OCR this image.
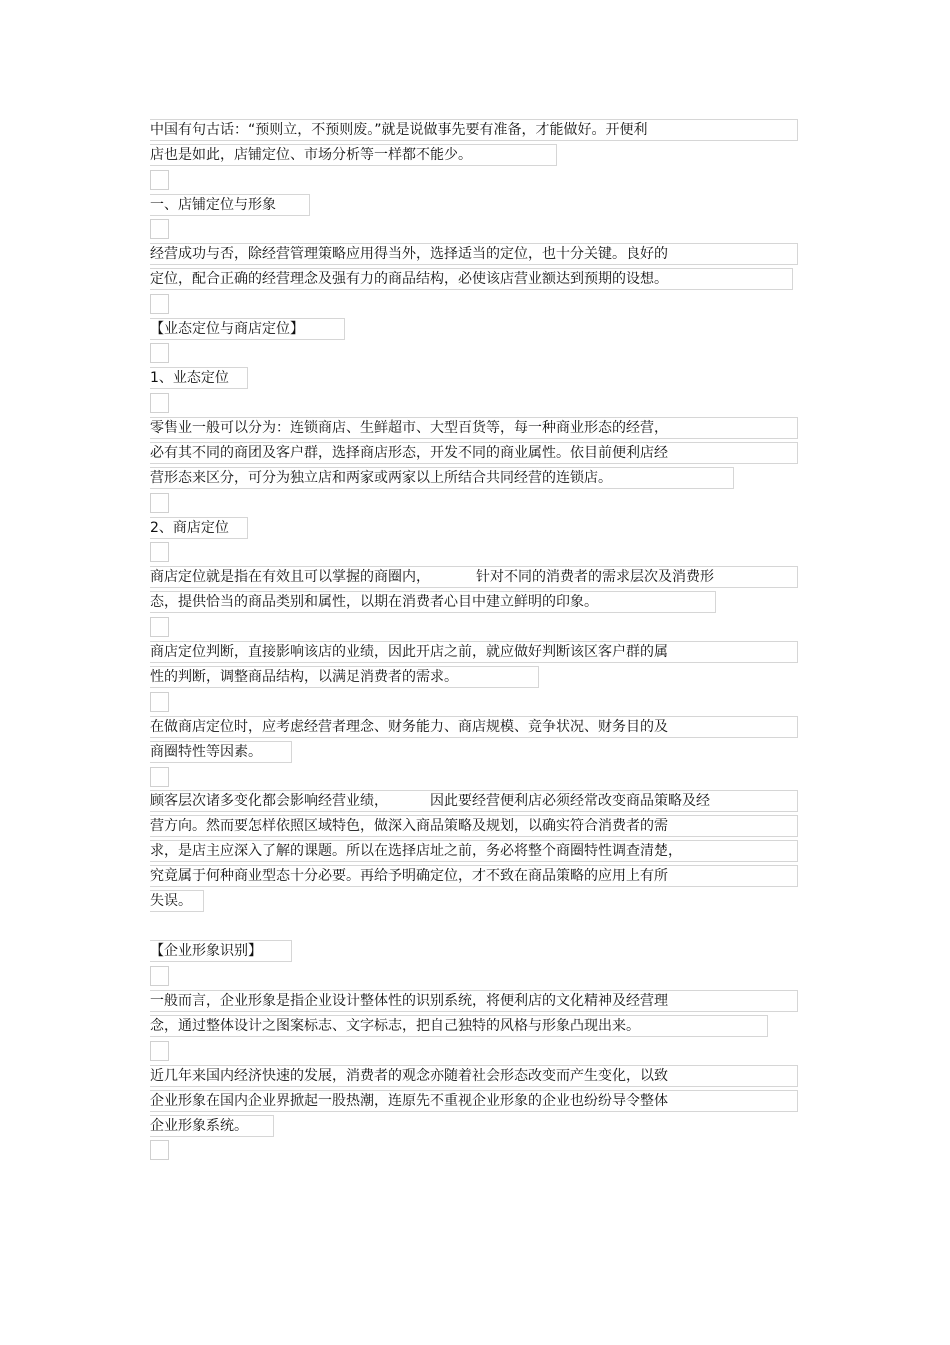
中国有句古话：“预则立，不预则废。”就是说做事先要有准备，才能做好。开便利
店也是如此，店铺定位、市场分析等一样都不能少。
一、店铺定位与形象
经营成功与否，除经营管理策略应用得当外，选择适当的定位，也十分关键。良好的
定位，配合正确的经营理念及强有力的商品结构，必使该店营业额达到预期的设想。
【业态定位与商店定位】
1、业态定位
零售业一般可以分为：连锁商店、生鲜超市、大型百货等，每一种商业形态的经营，
必有其不同的商团及客户群，选择商店形态，开发不同的商业属性。依目前便利店经
营形态来区分，可分为独立店和两家或两家以上所结合共同经营的连锁店。
2、商店定位
商店定位就是指在有效且可以掌握的商圈内，	针对不同的消费者的需求层次及消费形
态，提供恰当的商品类别和属性，以期在消费者心目中建立鲜明的印象。
商店定位判断，直接影响该店的业绩，因此开店之前，就应做好判断该区客户群的属
性的判断，调整商品结构，以满足消费者的需求。
在做商店定位时，应考虑经营者理念、财务能力、商店规模、竞争状况、财务目的及
商圈特性等因素。
顾客层次诸多变化都会影响经营业绩，	因此要经营便利店必须经常改变商品策略及经
营方向。然而要怎样依照区域特色，做深入商品策略及规划，以确实符合消费者的需
求，是店主应深入了解的课题。所以在选择店址之前，务必将整个商圈特性调查清楚，
究竟属于何种商业型态十分必要。再给予明确定位，才不致在商品策略的应用上有所
失误。
【企业形象识别】
一般而言，企业形象是指企业设计整体性的识别系统，将便利店的文化精神及经营理
念，通过整体设计之图案标志、文字标志，把自己独特的风格与形象凸现出来。
近几年来国内经济快速的发展，消费者的观念亦随着社会形态改变而产生变化，以致
企业形象在国内企业界掀起一股热潮，连原先不重视企业形象的企业也纷纷导令整体
企业形象系统。
